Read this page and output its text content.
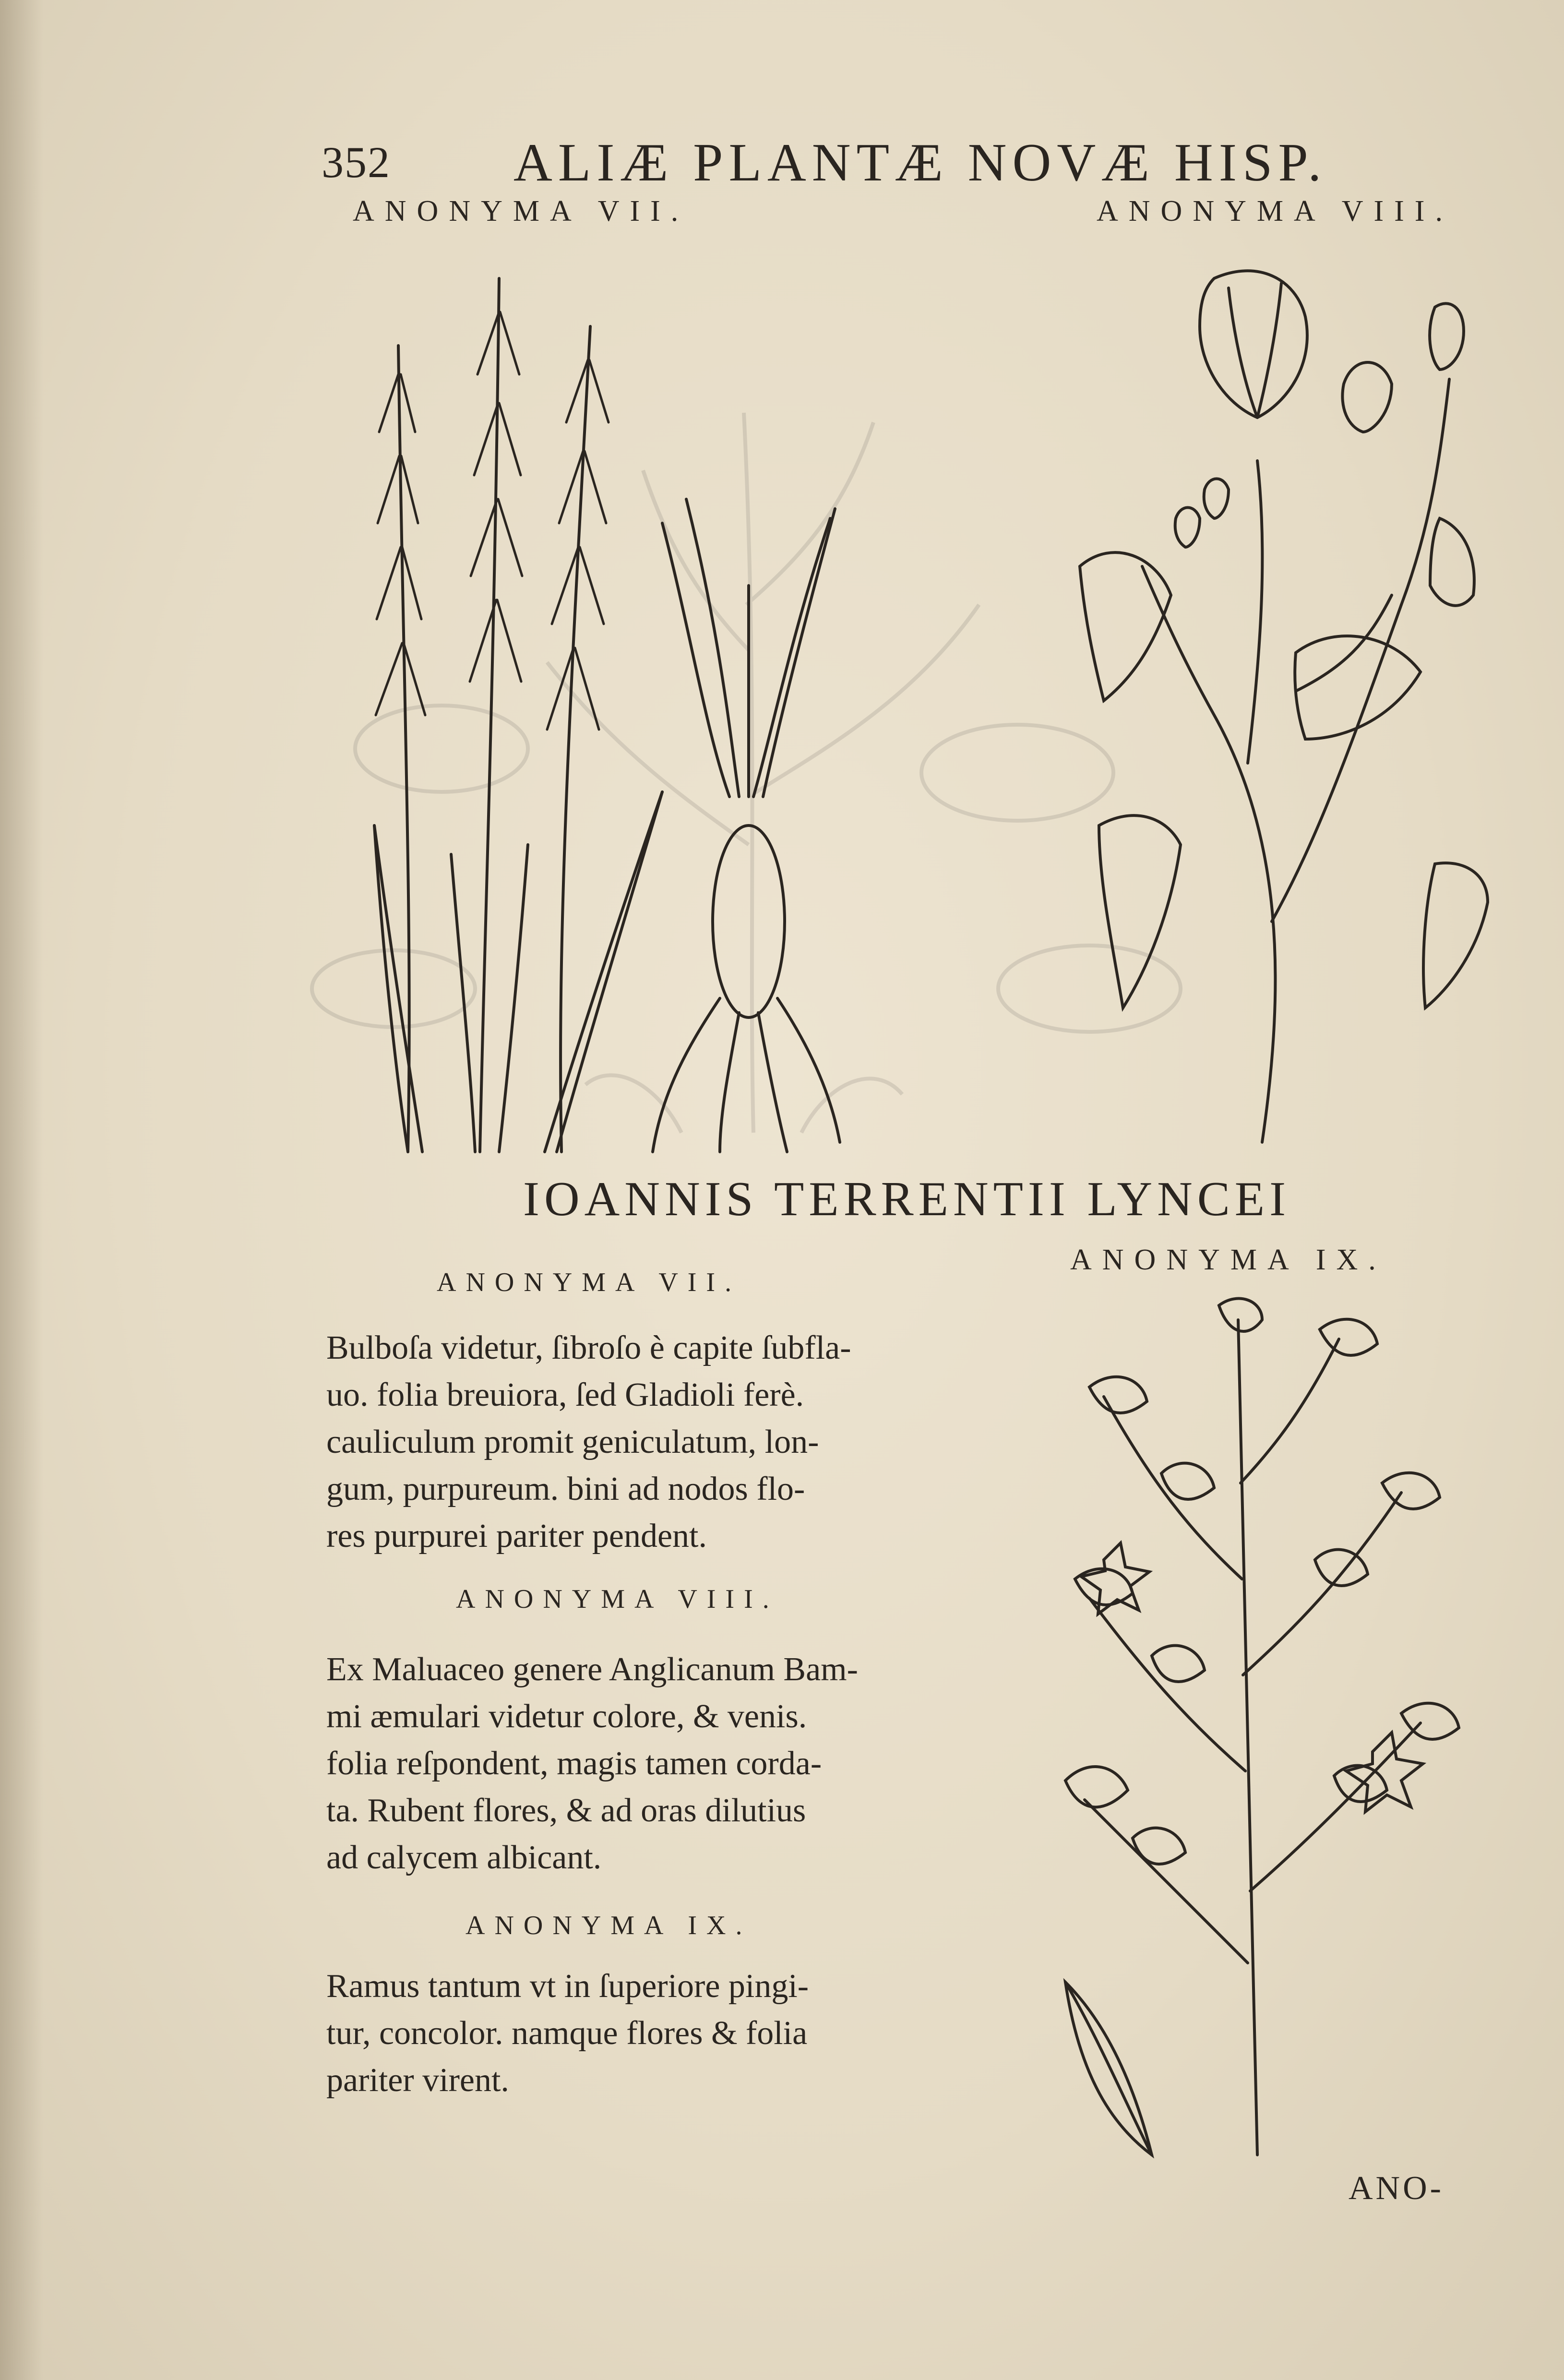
352 ALIÆ PLANTÆ NOVÆ HISP.
ANONYMA VII.	ANONYMA VIII.
IOANNIS TERRENTII LYNCEI
ANONYMA IX.
ANONYMA VII.

Bulboſa videtur, ſibroſo è capite ſubfla-

uo. folia breuiora, ſed Gladioli ferè.

cauliculum promit geniculatum, lon-

gum, purpureum. bini ad nodos flo-

res purpurei pariter pendent.

ANONYMA VIII.

Ex Maluaceo genere Anglicanum Bam-

mi æmulari videtur colore, & venis.

folia reſpondent, magis tamen corda-

ta. Rubent flores, & ad oras dilutius

ad calycem albicant.

ANONYMA IX.

Ramus tantum vt in ſuperiore pingi-

tur, concolor. namque flores & folia

pariter virent.

ANO-
